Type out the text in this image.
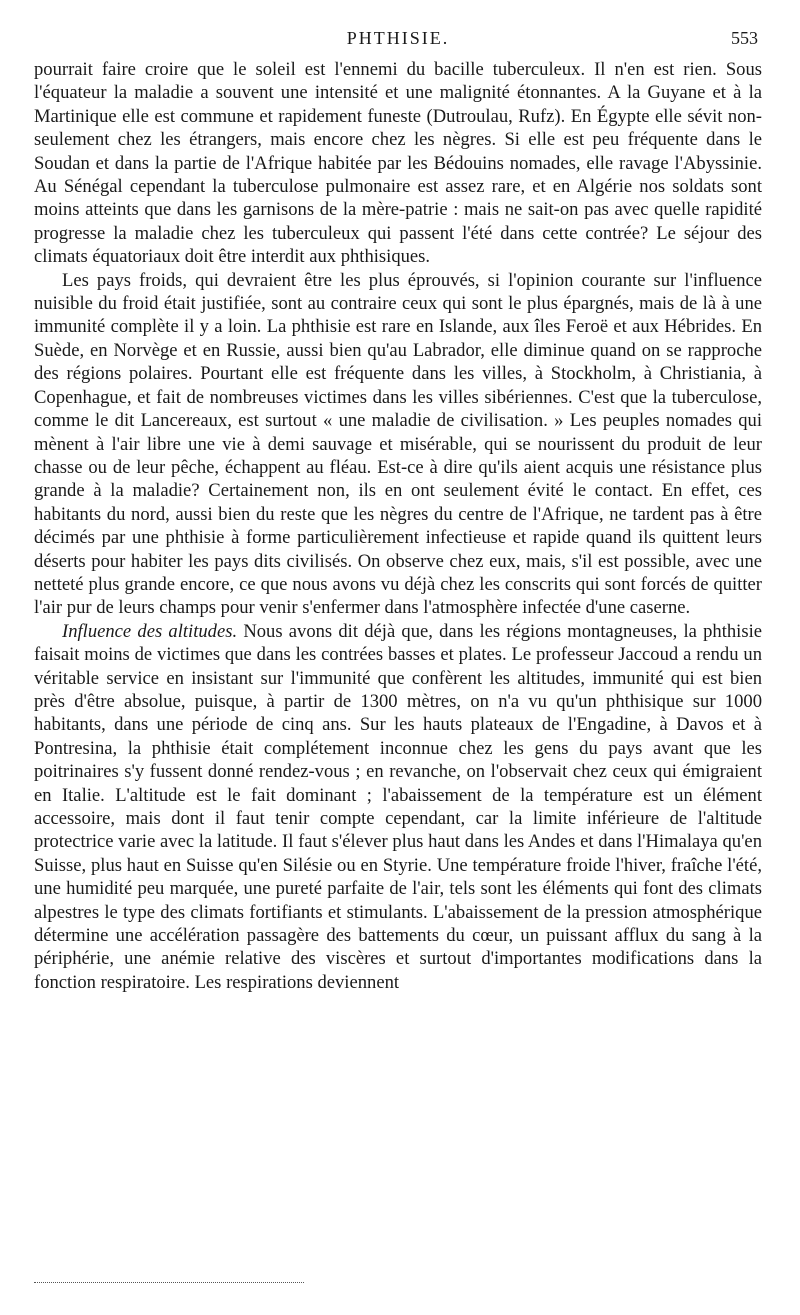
PHTHISIE.	553

pourrait faire croire que le soleil est l'ennemi du bacille tuberculeux. Il n'en est rien. Sous l'équateur la maladie a souvent une intensité et une malignité étonnantes. A la Guyane et à la Martinique elle est commune et rapidement funeste (Dutroulau, Rufz). En Égypte elle sévit non-seulement chez les étrangers, mais encore chez les nègres. Si elle est peu fréquente dans le Soudan et dans la partie de l'Afrique habitée par les Bédouins nomades, elle ravage l'Abyssinie. Au Sénégal cependant la tuberculose pulmonaire est assez rare, et en Algérie nos soldats sont moins atteints que dans les garnisons de la mère-patrie : mais ne sait-on pas avec quelle rapidité progresse la maladie chez les tuberculeux qui passent l'été dans cette contrée? Le séjour des climats équatoriaux doit être interdit aux phthisiques.

Les pays froids, qui devraient être les plus éprouvés, si l'opinion courante sur l'influence nuisible du froid était justifiée, sont au contraire ceux qui sont le plus épargnés, mais de là à une immunité complète il y a loin. La phthisie est rare en Islande, aux îles Feroë et aux Hébrides. En Suède, en Norvège et en Russie, aussi bien qu'au Labrador, elle diminue quand on se rapproche des régions polaires. Pourtant elle est fréquente dans les villes, à Stockholm, à Christiania, à Copenhague, et fait de nombreuses victimes dans les villes sibériennes. C'est que la tuberculose, comme le dit Lancereaux, est surtout « une maladie de civilisation. » Les peuples nomades qui mènent à l'air libre une vie à demi sauvage et misérable, qui se nourissent du produit de leur chasse ou de leur pêche, échappent au fléau. Est-ce à dire qu'ils aient acquis une résistance plus grande à la maladie? Certainement non, ils en ont seulement évité le contact. En effet, ces habitants du nord, aussi bien du reste que les nègres du centre de l'Afrique, ne tardent pas à être décimés par une phthisie à forme particulièrement infectieuse et rapide quand ils quittent leurs déserts pour habiter les pays dits civilisés. On observe chez eux, mais, s'il est possible, avec une netteté plus grande encore, ce que nous avons vu déjà chez les conscrits qui sont forcés de quitter l'air pur de leurs champs pour venir s'enfermer dans l'atmosphère infectée d'une caserne.

Influence des altitudes. Nous avons dit déjà que, dans les régions montagneuses, la phthisie faisait moins de victimes que dans les contrées basses et plates. Le professeur Jaccoud a rendu un véritable service en insistant sur l'immunité que confèrent les altitudes, immunité qui est bien près d'être absolue, puisque, à partir de 1300 mètres, on n'a vu qu'un phthisique sur 1000 habitants, dans une période de cinq ans. Sur les hauts plateaux de l'Engadine, à Davos et à Pontresina, la phthisie était complétement inconnue chez les gens du pays avant que les poitrinaires s'y fussent donné rendez-vous ; en revanche, on l'observait chez ceux qui émigraient en Italie. L'altitude est le fait dominant ; l'abaissement de la température est un élément accessoire, mais dont il faut tenir compte cependant, car la limite inférieure de l'altitude protectrice varie avec la latitude. Il faut s'élever plus haut dans les Andes et dans l'Himalaya qu'en Suisse, plus haut en Suisse qu'en Silésie ou en Styrie. Une température froide l'hiver, fraîche l'été, une humidité peu marquée, une pureté parfaite de l'air, tels sont les éléments qui font des climats alpestres le type des climats fortifiants et stimulants. L'abaissement de la pression atmosphérique détermine une accélération passagère des battements du cœur, un puissant afflux du sang à la périphérie, une anémie relative des viscères et surtout d'importantes modifications dans la fonction respiratoire. Les respirations deviennent
